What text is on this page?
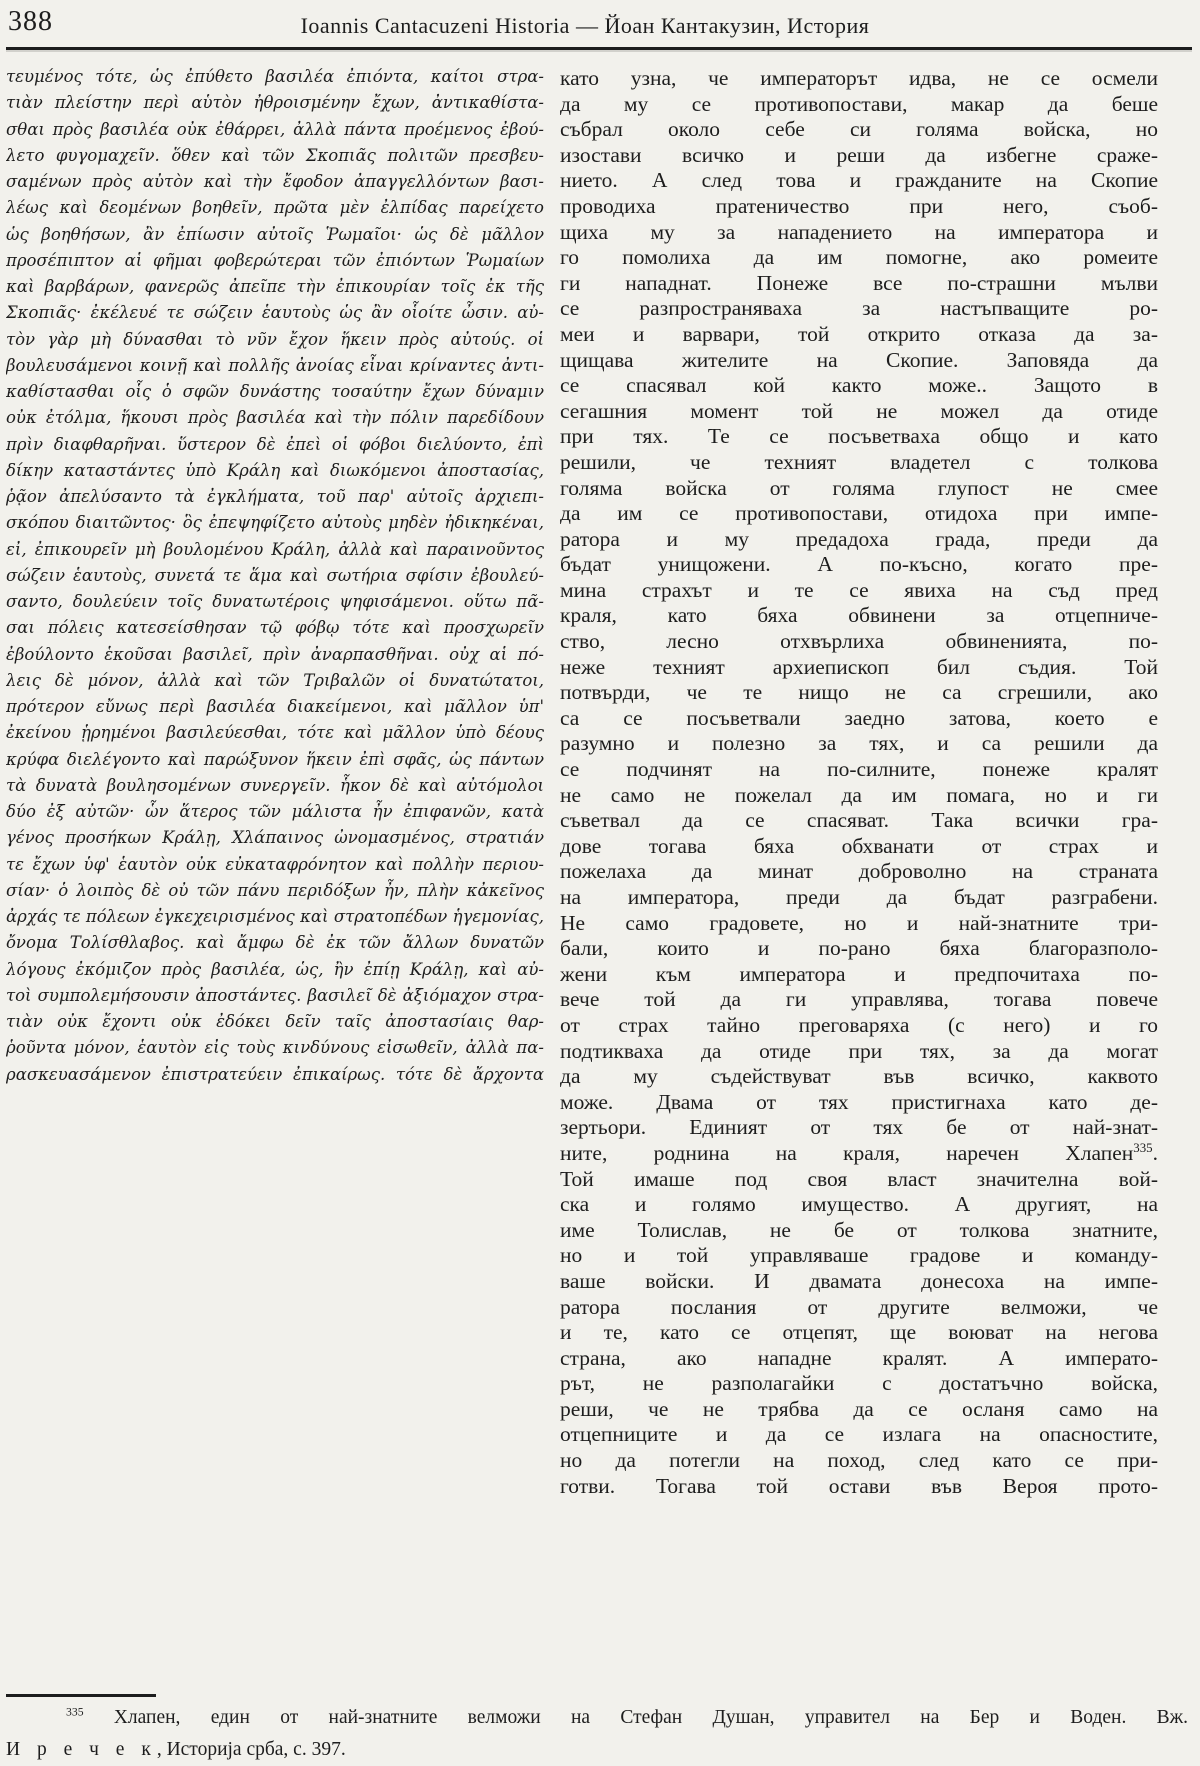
388	Ioannis Cantacuzeni Historia — Йоан Кантакузин, История
τευμένος τότε, ὡς ἐπύθετο βασιλέα ἐπιόντα, καίτοι στρα-
τιὰν πλείστην περὶ αὑτὸν ἠθροισμένην ἔχων, ἀντικαθίστα-
σθαι πρὸς βασιλέα οὐκ ἐθάρρει, ἀλλὰ πάντα προέμενος ἐβού-
λετο φυγομαχεῖν. ὅθεν καὶ τῶν Σκοπιᾶς πολιτῶν πρεσβευ-
σαμένων πρὸς αὐτὸν καὶ τὴν ἔφοδον ἀπαγγελλόντων βασι-
λέως καὶ δεομένων βοηθεῖν, πρῶτα μὲν ἐλπίδας παρείχετο
ὡς βοηθήσων, ἂν ἐπίωσιν αὐτοῖς Ῥωμαῖοι· ὡς δὲ μᾶλλον
προσέπιπτον αἱ φῆμαι φοβερώτεραι τῶν ἐπιόντων Ῥωμαίων
καὶ βαρβάρων, φανερῶς ἀπεῖπε τὴν ἐπικουρίαν τοῖς ἐκ τῆς
Σκοπιᾶς· ἐκέλευέ τε σώζειν ἑαυτοὺς ὡς ἂν οἷοίτε ὦσιν. αὐ-
τὸν γὰρ μὴ δύνασθαι τὸ νῦν ἔχον ἥκειν πρὸς αὐτούς. οἱ
βουλευσάμενοι κοινῇ καὶ πολλῆς ἀνοίας εἶναι κρίναντες ἀντι-
καθίστασθαι οἷς ὁ σφῶν δυνάστης τοσαύτην ἔχων δύναμιν
οὐκ ἐτόλμα, ἥκουσι πρὸς βασιλέα καὶ τὴν πόλιν παρεδίδουν
πρὶν διαφθαρῆναι. ὕστερον δὲ ἐπεὶ οἱ φόβοι διελύοντο, ἐπὶ
δίκην καταστάντες ὑπὸ Κράλη καὶ διωκόμενοι ἀποστασίας,
ῥᾷον ἀπελύσαντο τὰ ἐγκλήματα, τοῦ παρ' αὐτοῖς ἀρχιεπι-
σκόπου διαιτῶντος· ὃς ἐπεψηφίζετο αὐτοὺς μηδὲν ἠδικηκέναι,
εἰ, ἐπικουρεῖν μὴ βουλομένου Κράλη, ἀλλὰ καὶ παραινοῦντος
σώζειν ἑαυτοὺς, συνετά τε ἅμα καὶ σωτήρια σφίσιν ἐβουλεύ-
σαντο, δουλεύειν τοῖς δυνατωτέροις ψηφισάμενοι. οὕτω πᾶ-
σαι πόλεις κατεσείσθησαν τῷ φόβῳ τότε καὶ προσχωρεῖν
ἐβούλοντο ἑκοῦσαι βασιλεῖ, πρὶν ἀναρπασθῆναι. οὐχ αἱ πό-
λεις δὲ μόνον, ἀλλὰ καὶ τῶν Τριβαλῶν οἱ δυνατώτατοι,
πρότερον εὔνως περὶ βασιλέα διακείμενοι, καὶ μᾶλλον ὑπ'
ἐκείνου ᾑρημένοι βασιλεύεσθαι, τότε καὶ μᾶλλον ὑπὸ δέους
κρύφα διελέγοντο καὶ παρώξυνον ἥκειν ἐπὶ σφᾶς, ὡς πάντων
τὰ δυνατὰ βουλησομένων συνεργεῖν. ἧκον δὲ καὶ αὐτόμολοι
δύο ἐξ αὐτῶν· ὧν ἅτερος τῶν μάλιστα ἦν ἐπιφανῶν, κατὰ
γένος προσήκων Κράλῃ, Χλάπαινος ὠνομασμένος, στρατιάν
τε ἔχων ὑφ' ἑαυτὸν οὐκ εὐκαταφρόνητον καὶ πολλὴν περιου-
σίαν· ὁ λοιπὸς δὲ οὐ τῶν πάνυ περιδόξων ἦν, πλὴν κἀκεῖνος
ἀρχάς τε πόλεων ἐγκεχειρισμένος καὶ στρατοπέδων ἡγεμονίας,
ὄνομα Τολίσθλαβος. καὶ ἄμφω δὲ ἐκ τῶν ἄλλων δυνατῶν
λόγους ἐκόμιζον πρὸς βασιλέα, ὡς, ἢν ἐπίῃ Κράλῃ, καὶ αὐ-
τοὶ συμπολεμήσουσιν ἀποστάντες. βασιλεῖ δὲ ἀξιόμαχον στρα-
τιὰν οὐκ ἔχοντι οὐκ ἐδόκει δεῖν ταῖς ἀποστασίαις θαρ-
ῥοῦντα μόνον, ἑαυτὸν εἰς τοὺς κινδύνους εἰσωθεῖν, ἀλλὰ πα-
ρασκευασάμενον ἐπιστρατεύειν ἐπικαίρως. τότε δὲ ἄρχοντα
като узна, че императорът идва, не се осмели
да му се противопостави, макар да беше
събрал около себе си голяма войска, но
изостави всичко и реши да избегне сраже-
нието. А след това и гражданите на Скопие
проводиха пратеничество при него, съоб-
щиха му за нападението на императора и
го помолиха да им помогне, ако ромеите
ги нападнат. Понеже все по-страшни мълви
се разпространяваха за настъпващите ро-
меи и варвари, той открито отказа да за-
щищава жителите на Скопие. Заповяда да
се спасявал кой както може.. Защото в
сегашния момент той не можел да отиде
при тях. Те се посъветваха общо и като
решили, че техният владетел с толкова
голяма войска от голяма глупост не смее
да им се противопостави, отидоха при импе-
ратора и му предадоха града, преди да
бъдат унищожени. А по-късно, когато пре-
мина страхът и те се явиха на съд пред
краля, като бяха обвинени за отцепниче-
ство, лесно отхвърлиха обвиненията, по-
неже техният архиепископ бил съдия. Той
потвърди, че те нищо не са сгрешили, ако
са се посъветвали заедно затова, което е
разумно и полезно за тях, и са решили да
се подчинят на по-силните, понеже кралят
не само не пожелал да им помага, но и ги
съветвал да се спасяват. Така всички гра-
дове тогава бяха обхванати от страх и
пожелаха да минат доброволно на страната
на императора, преди да бъдат разграбени.
Не само градовете, но и най-знатните три-
бали, които и по-рано бяха благоразполо-
жени към императора и предпочитаха по-
вече той да ги управлява, тогава повече
от страх тайно преговаряха (с него) и го
подтикваха да отиде при тях, за да могат
да му съдействуват във всичко, каквото
може. Двама от тях пристигнаха като де-
зертьори. Единият от тях бе от най-знат-
ните, роднина на краля, наречен Хлапен$^{335}$.
Той имаше под своя власт значителна вой-
ска и голямо имущество. А другият, на
име Толислав, не бе от толкова знатните,
но и той управляваше градове и команду-
ваше войски. И двамата донесоха на импе-
ратора послания от другите велможи, че
и те, като се отцепят, ще воюват на негова
страна, ако нападне кралят. А императо-
рът, не разполагайки с достатъчно войска,
реши, че не трябва да се осланя само на
отцепниците и да се излага на опасностите,
но да потегли на поход, след като се при-
готви. Тогава той остави във Вероя прото-
$^{335}$ Хлапен, един от най-знатните велможи на Стефан Душан, управител на Бер и Воден. Вж.
И р е ч е к, Историја срба, с. 397.
